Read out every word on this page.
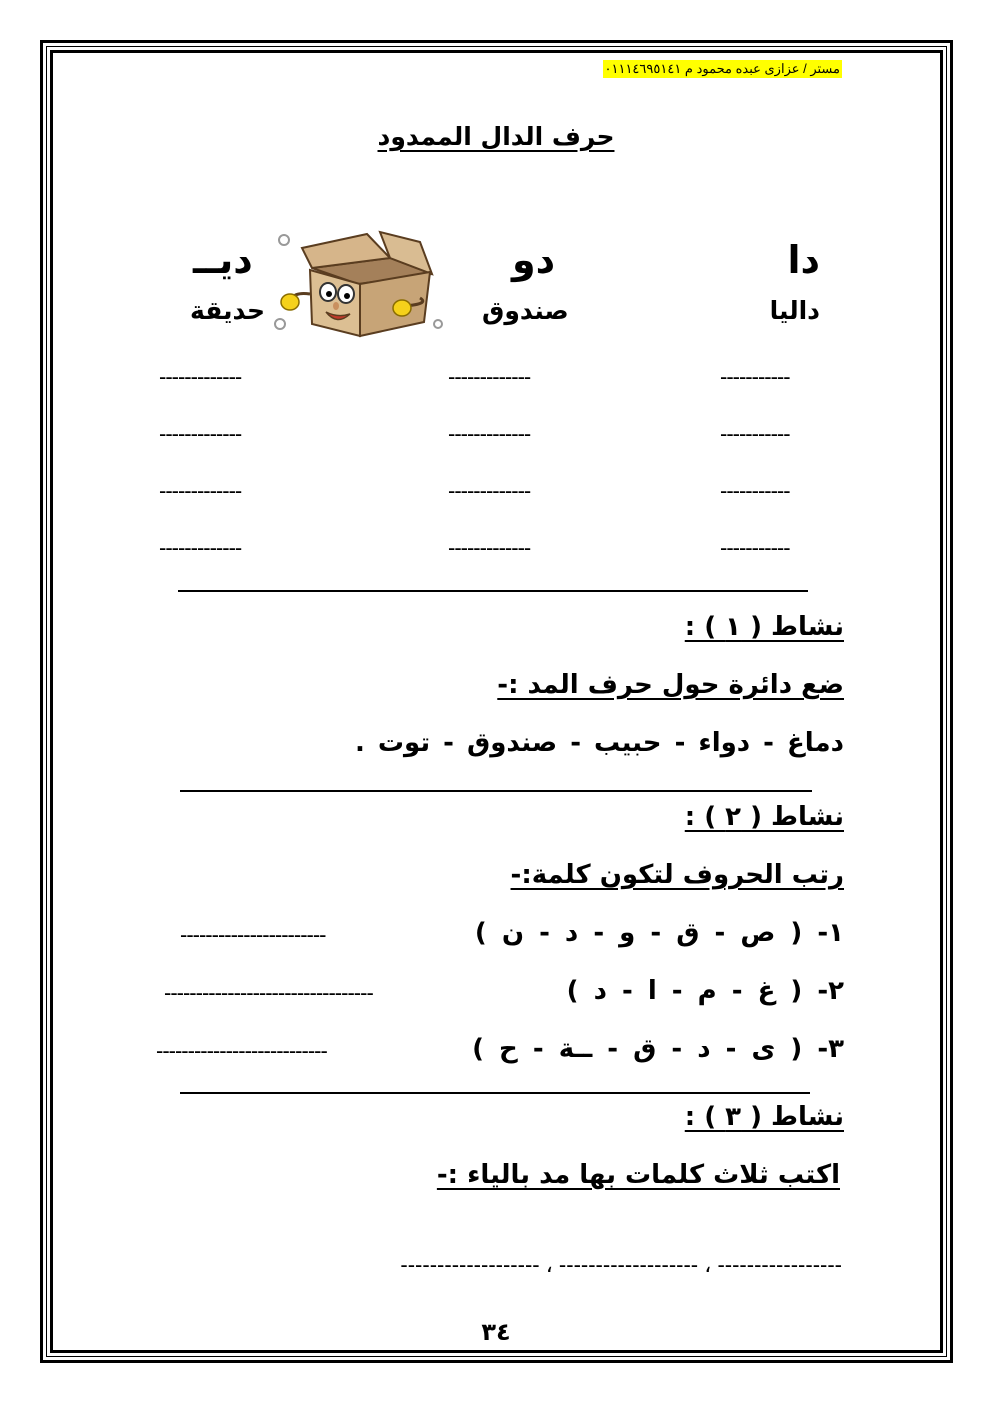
مستر / عزازى عبده محمود م ٠١١١٤٦٩٥١٤١
حرف الدال الممدود
دا
دو
ديــ
داليا
صندوق
حديقة
-----------
-------------
-------------
-----------
-------------
-------------
-----------
-------------
-------------
-----------
-------------
-------------
نشاط ( ١ ) :
ضع دائرة حول حرف المد :-
دماغ - دواء - حبيب - صندوق - توت .
نشاط ( ٢ ) :
رتب الحروف لتكون كلمة:-
١- ( ص - ق - و - د - ن )
-----------------------
٢- ( غ - م - ا - د )
---------------------------------
٣- ( ى - د - ق - ــة - ح )
---------------------------
نشاط ( ٣ ) :
اكتب ثلاث كلمات بها مد بالياء :-
----------------- ، ------------------- ، -------------------
٣٤
